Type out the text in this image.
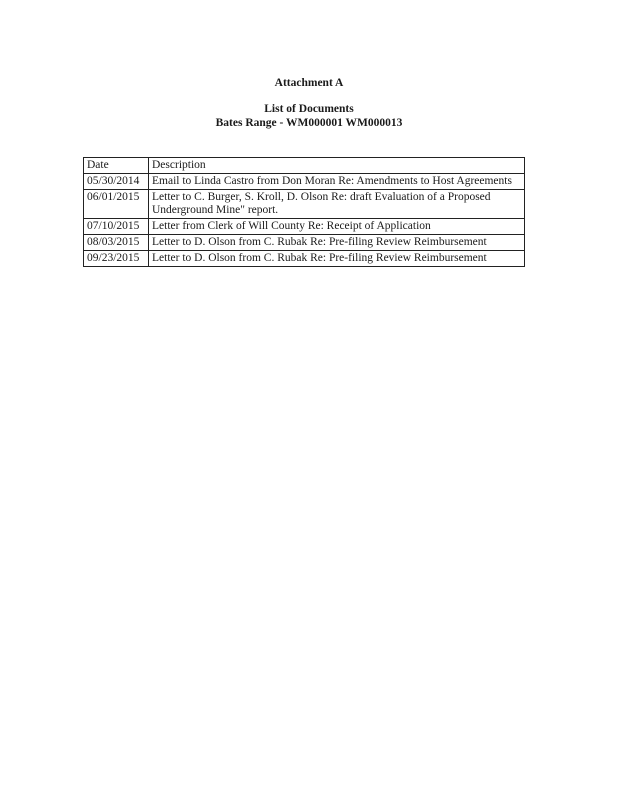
Attachment A
List of Documents
Bates Range - WM000001 WM000013
Date	Description
05/30/2014	Email to Linda Castro from Don Moran Re: Amendments to Host Agreements
06/01/2015	Letter to C. Burger, S. Kroll, D. Olson Re: draft Evaluation of a Proposed Underground Mine" report.
07/10/2015	Letter from Clerk of Will County Re: Receipt of Application
08/03/2015	Letter to D. Olson from C. Rubak Re: Pre-filing Review Reimbursement
09/23/2015	Letter to D. Olson from C. Rubak Re: Pre-filing Review Reimbursement
